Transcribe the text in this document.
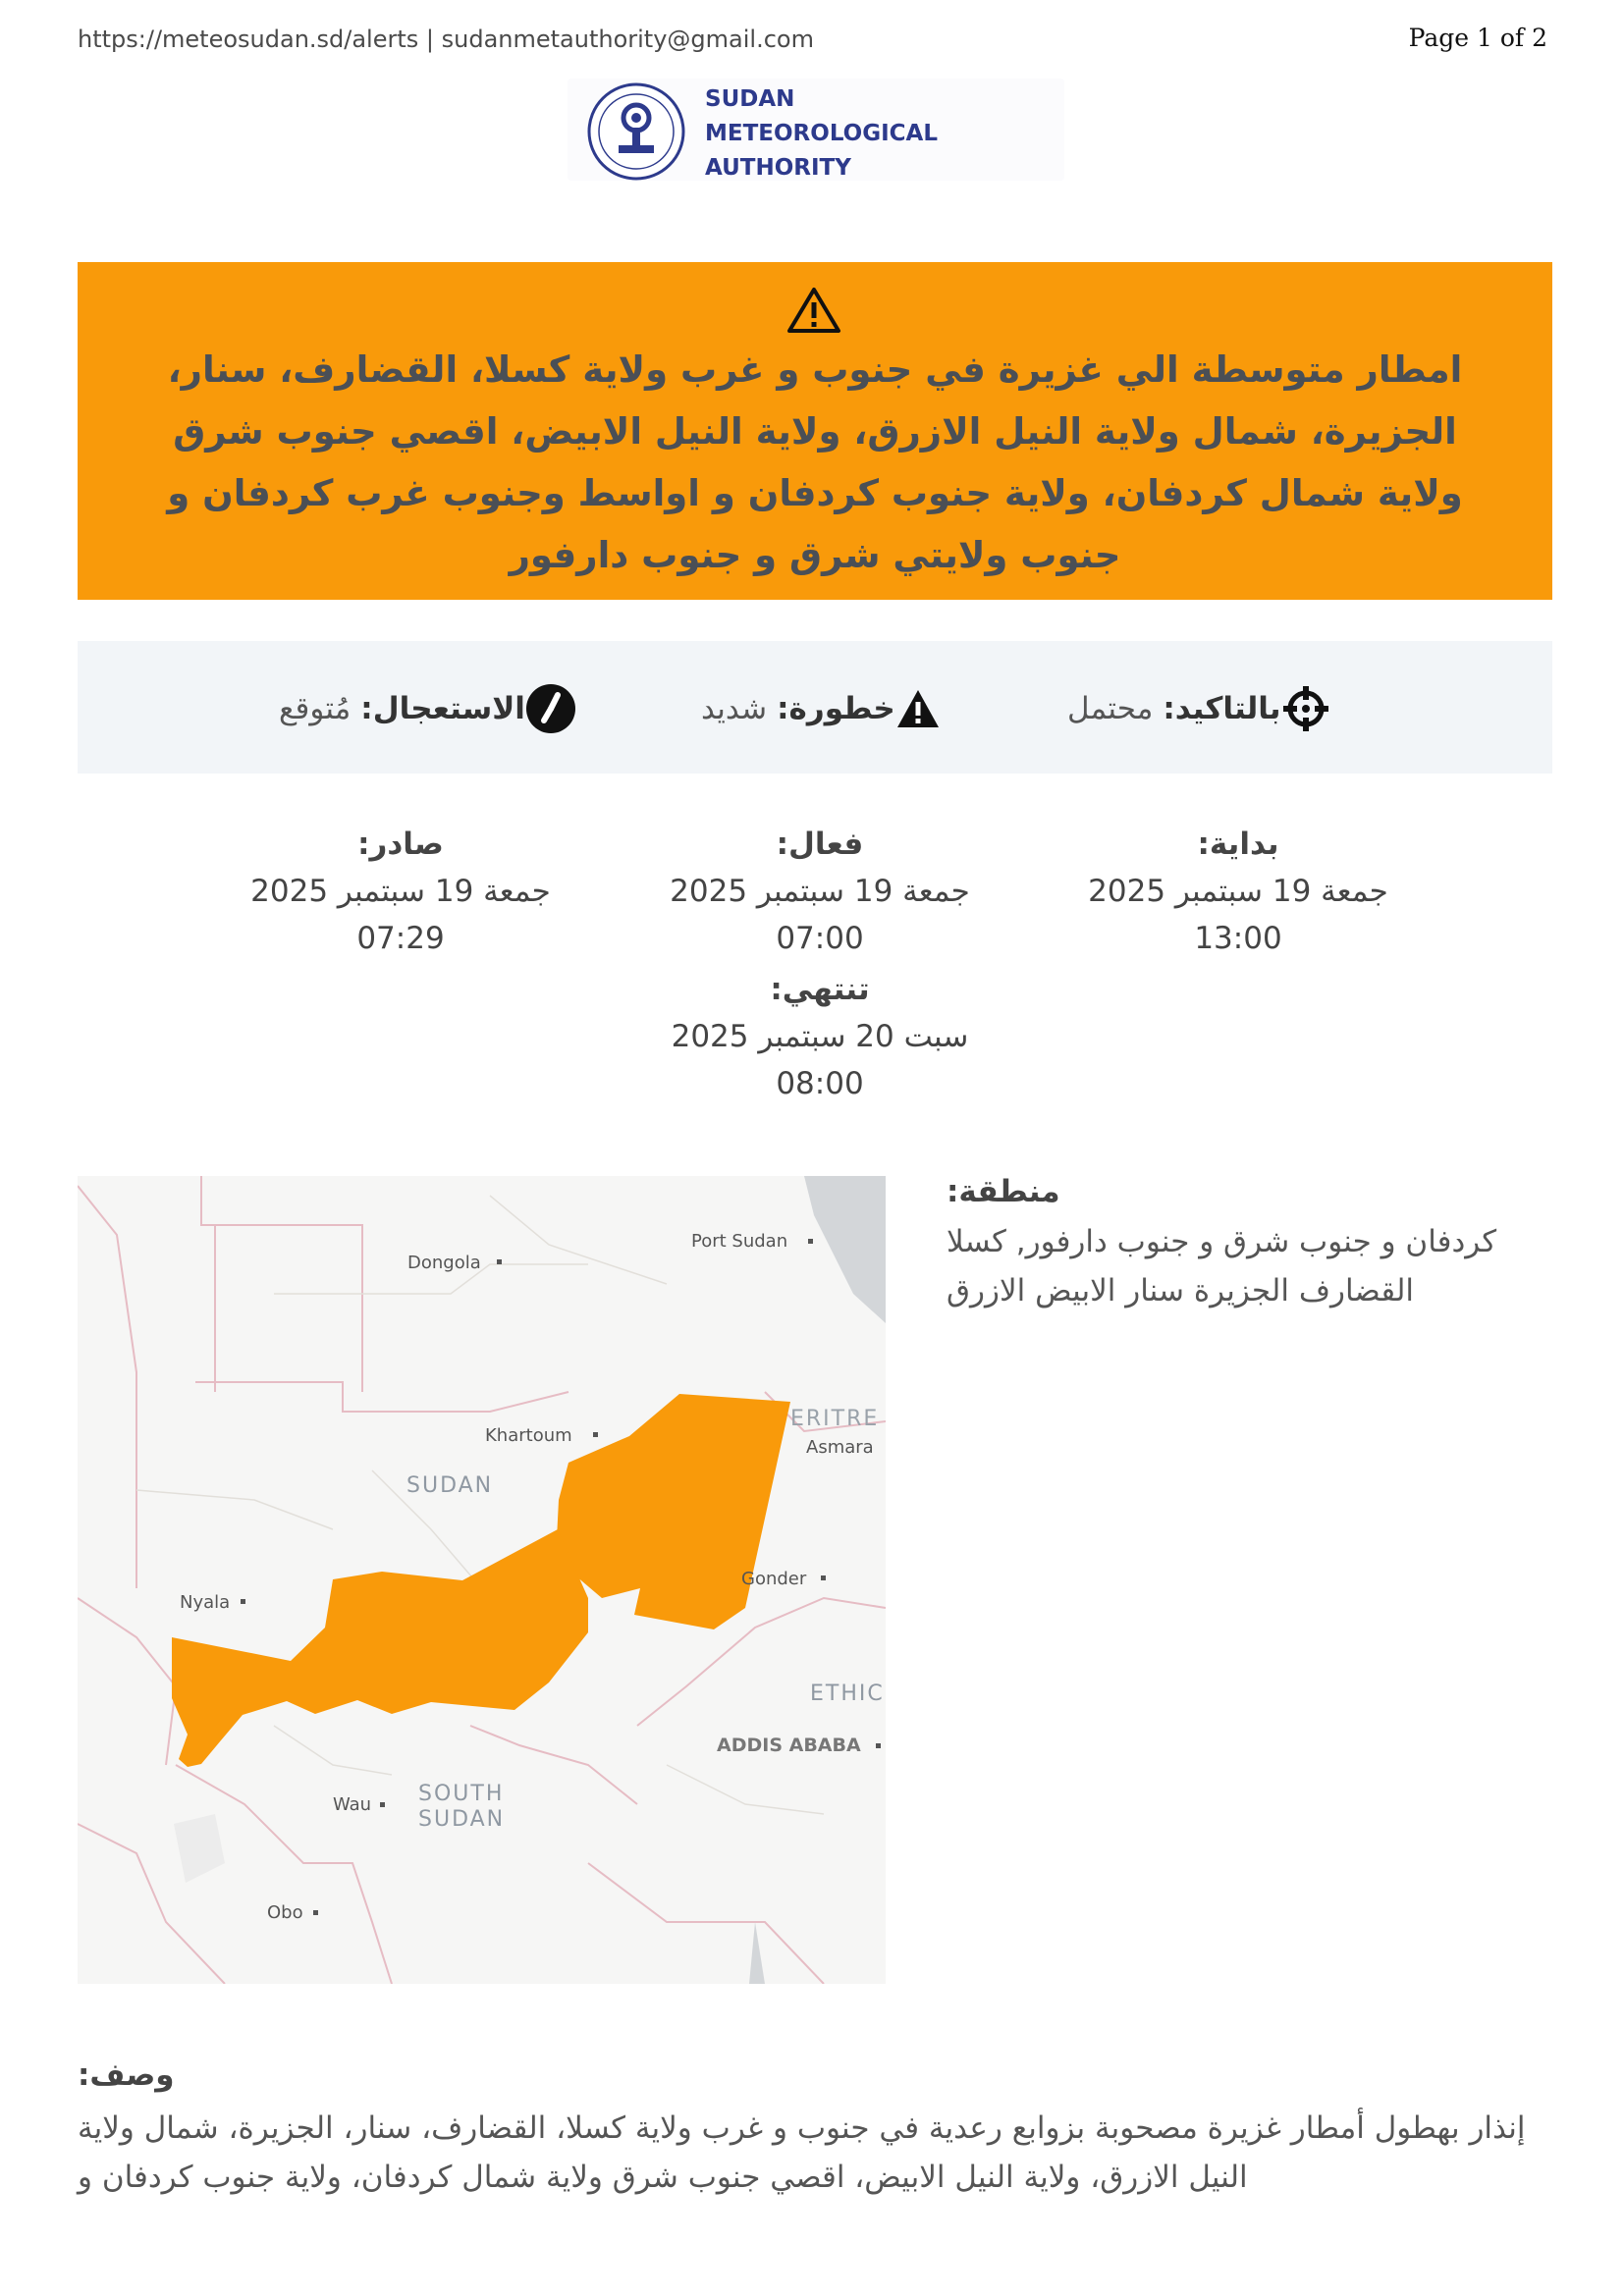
https://meteosudan.sd/alerts | sudanmetauthority@gmail.com	Page 1 of 2
SUDAN
METEOROLOGICAL
AUTHORITY
امطار متوسطة الي غزيرة في جنوب و غرب ولاية كسلا، القضارف، سنار، الجزيرة، شمال ولاية النيل الازرق، ولاية النيل الابيض، اقصي جنوب شرق ولاية شمال كردفان، ولاية جنوب كردفان و اواسط وجنوب غرب كردفان و جنوب ولايتي شرق و جنوب دارفور
بالتاكيد:
محتمل
خطورة:
شديد
الاستعجال:
مُتوقع
بداية:
جمعة 19 سبتمبر 2025
13:00
فعال:
جمعة 19 سبتمبر 2025
07:00
صادر:
جمعة 19 سبتمبر 2025
07:29
تنتهي:
سبت 20 سبتمبر 2025
08:00
Dongola
Port Sudan
Khartoum
ERITRE
Asmara
SUDAN
Nyala
Gonder
ETHIC
ADDIS ABABA
SOUTH
SUDAN
Wau
Obo
منطقة:
كردفان و جنوب شرق و جنوب دارفور, كسلا القضارف الجزيرة سنار الابيض الازرق
وصف:
إنذار بهطول أمطار غزيرة مصحوبة بزوابع رعدية في جنوب و غرب ولاية كسلا، القضارف، سنار، الجزيرة، شمال ولاية النيل الازرق، ولاية النيل الابيض، اقصي جنوب شرق ولاية شمال كردفان، ولاية جنوب كردفان و
